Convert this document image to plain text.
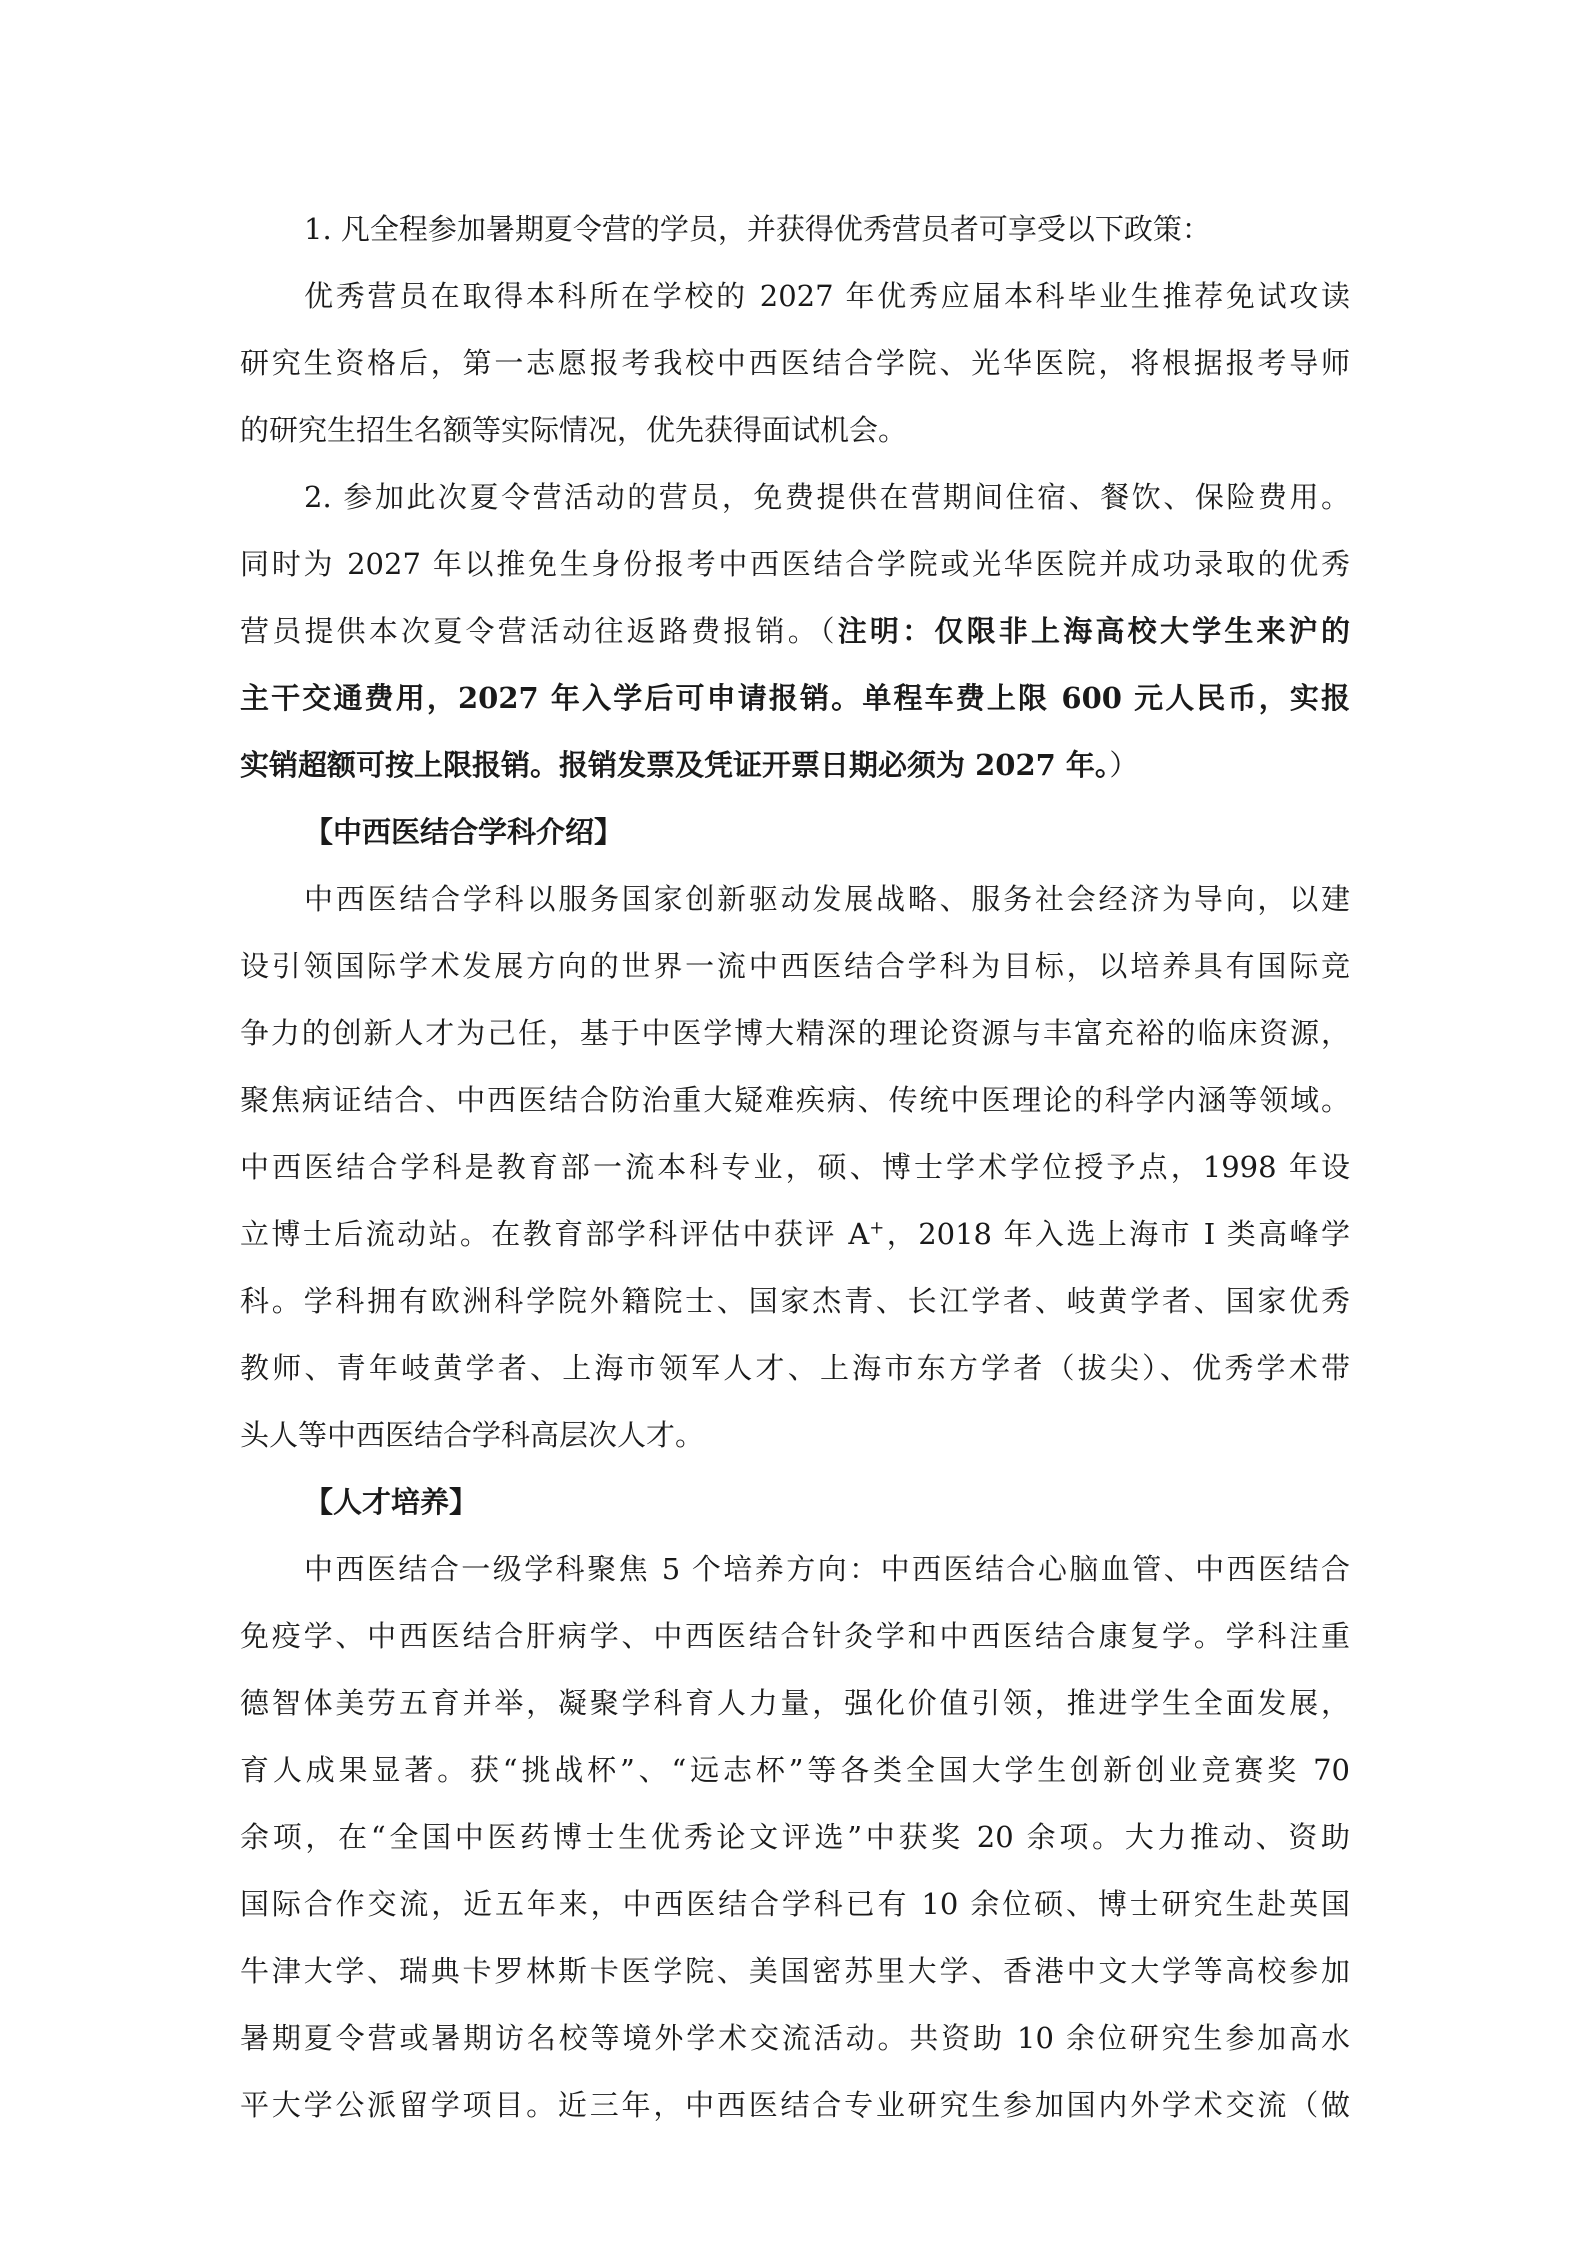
1. 凡全程参加暑期夏令营的学员，并获得优秀营员者可享受以下政策：
优秀营员在取得本科所在学校的 2027 年优秀应届本科毕业生推荐免试攻读
研究生资格后，第一志愿报考我校中西医结合学院、光华医院，将根据报考导师
的研究生招生名额等实际情况，优先获得面试机会。
2. 参加此次夏令营活动的营员，免费提供在营期间住宿、餐饮、保险费用。
同时为 2027 年以推免生身份报考中西医结合学院或光华医院并成功录取的优秀
营员提供本次夏令营活动往返路费报销。（注明：仅限非上海高校大学生来沪的
主干交通费用，2027 年入学后可申请报销。单程车费上限 600 元人民币，实报
实销超额可按上限报销。报销发票及凭证开票日期必须为 2027 年。）
【中西医结合学科介绍】
中西医结合学科以服务国家创新驱动发展战略、服务社会经济为导向，以建
设引领国际学术发展方向的世界一流中西医结合学科为目标，以培养具有国际竞
争力的创新人才为己任，基于中医学博大精深的理论资源与丰富充裕的临床资源，
聚焦病证结合、中西医结合防治重大疑难疾病、传统中医理论的科学内涵等领域。
中西医结合学科是教育部一流本科专业，硕、博士学术学位授予点，1998 年设
立博士后流动站。在教育部学科评估中获评 A+，2018 年入选上海市 I 类高峰学
科。学科拥有欧洲科学院外籍院士、国家杰青、长江学者、岐黄学者、国家优秀
教师、青年岐黄学者、上海市领军人才、上海市东方学者（拔尖）、优秀学术带
头人等中西医结合学科高层次人才。
【人才培养】
中西医结合一级学科聚焦 5 个培养方向：中西医结合心脑血管、中西医结合
免疫学、中西医结合肝病学、中西医结合针灸学和中西医结合康复学。学科注重
德智体美劳五育并举，凝聚学科育人力量，强化价值引领，推进学生全面发展，
育人成果显著。获“挑战杯”、“远志杯”等各类全国大学生创新创业竞赛奖 70
余项，在“全国中医药博士生优秀论文评选”中获奖 20 余项。大力推动、资助
国际合作交流，近五年来，中西医结合学科已有 10 余位硕、博士研究生赴英国
牛津大学、瑞典卡罗林斯卡医学院、美国密苏里大学、香港中文大学等高校参加
暑期夏令营或暑期访名校等境外学术交流活动。共资助 10 余位研究生参加高水
平大学公派留学项目。近三年，中西医结合专业研究生参加国内外学术交流（做
